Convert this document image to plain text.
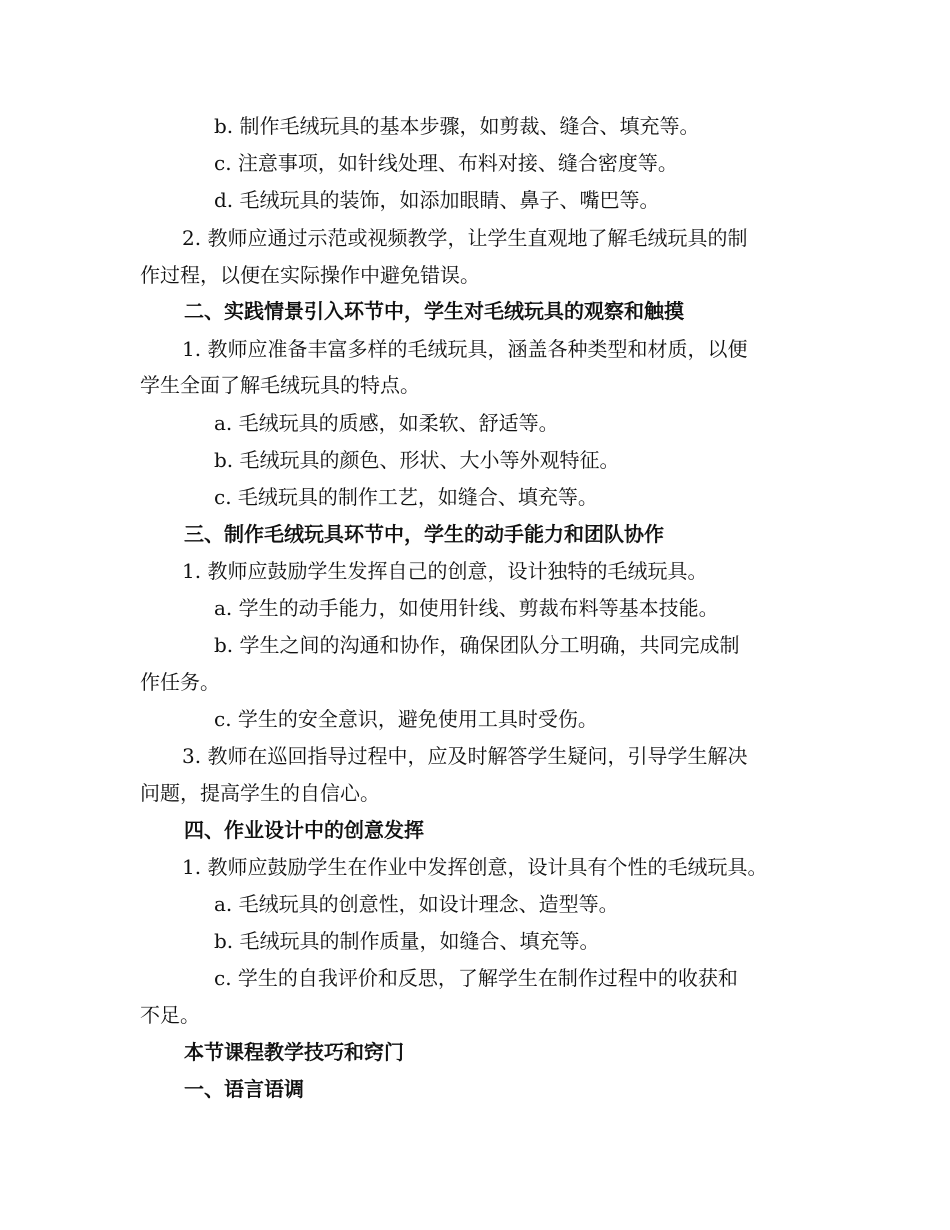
b. 制作毛绒玩具的基本步骤，如剪裁、缝合、填充等。
c. 注意事项，如针线处理、布料对接、缝合密度等。
d. 毛绒玩具的装饰，如添加眼睛、鼻子、嘴巴等。
2. 教师应通过示范或视频教学，让学生直观地了解毛绒玩具的制
作过程，以便在实际操作中避免错误。
二、实践情景引入环节中，学生对毛绒玩具的观察和触摸
1. 教师应准备丰富多样的毛绒玩具，涵盖各种类型和材质，以便
学生全面了解毛绒玩具的特点。
a. 毛绒玩具的质感，如柔软、舒适等。
b. 毛绒玩具的颜色、形状、大小等外观特征。
c. 毛绒玩具的制作工艺，如缝合、填充等。
三、制作毛绒玩具环节中，学生的动手能力和团队协作
1. 教师应鼓励学生发挥自己的创意，设计独特的毛绒玩具。
a. 学生的动手能力，如使用针线、剪裁布料等基本技能。
b. 学生之间的沟通和协作，确保团队分工明确，共同完成制
作任务。
c. 学生的安全意识，避免使用工具时受伤。
3. 教师在巡回指导过程中，应及时解答学生疑问，引导学生解决
问题，提高学生的自信心。
四、作业设计中的创意发挥
1. 教师应鼓励学生在作业中发挥创意，设计具有个性的毛绒玩具。
a. 毛绒玩具的创意性，如设计理念、造型等。
b. 毛绒玩具的制作质量，如缝合、填充等。
c. 学生的自我评价和反思，了解学生在制作过程中的收获和
不足。
本节课程教学技巧和窍门
一、语言语调
